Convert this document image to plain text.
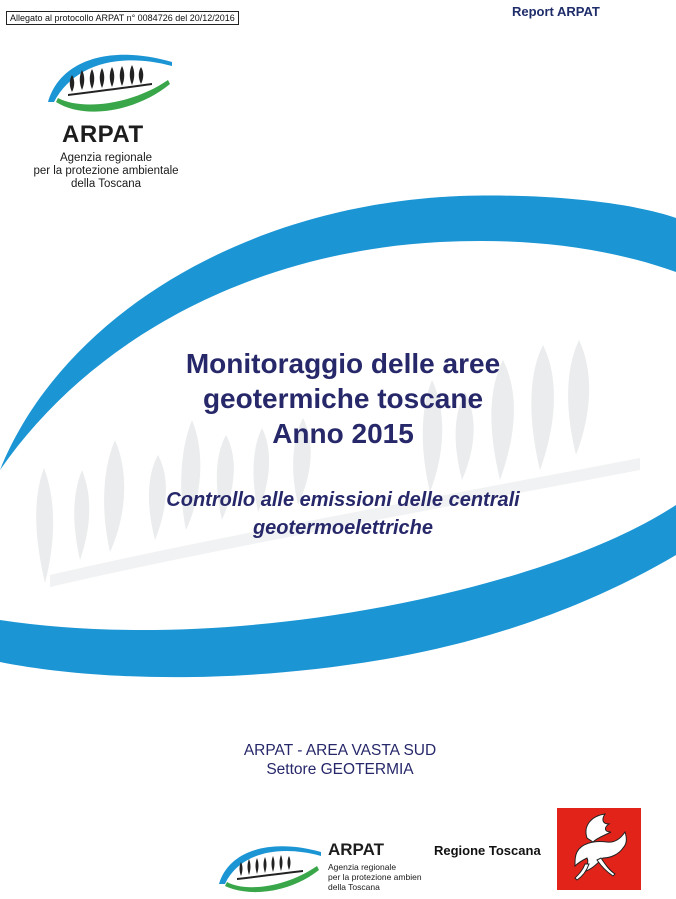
Allegato al protocollo ARPAT n° 0084726 del 20/12/2016	Report ARPAT
ARPAT
Agenzia regionale
per la protezione ambientale
della Toscana
Monitoraggio delle aree
geotermiche toscane
Anno 2015
Controllo alle emissioni delle centrali
geotermoelettriche
ARPAT - AREA VASTA SUD
Settore GEOTERMIA
ARPAT
Agenzia regionale
per la protezione ambien
della Toscana
Regione Toscana
